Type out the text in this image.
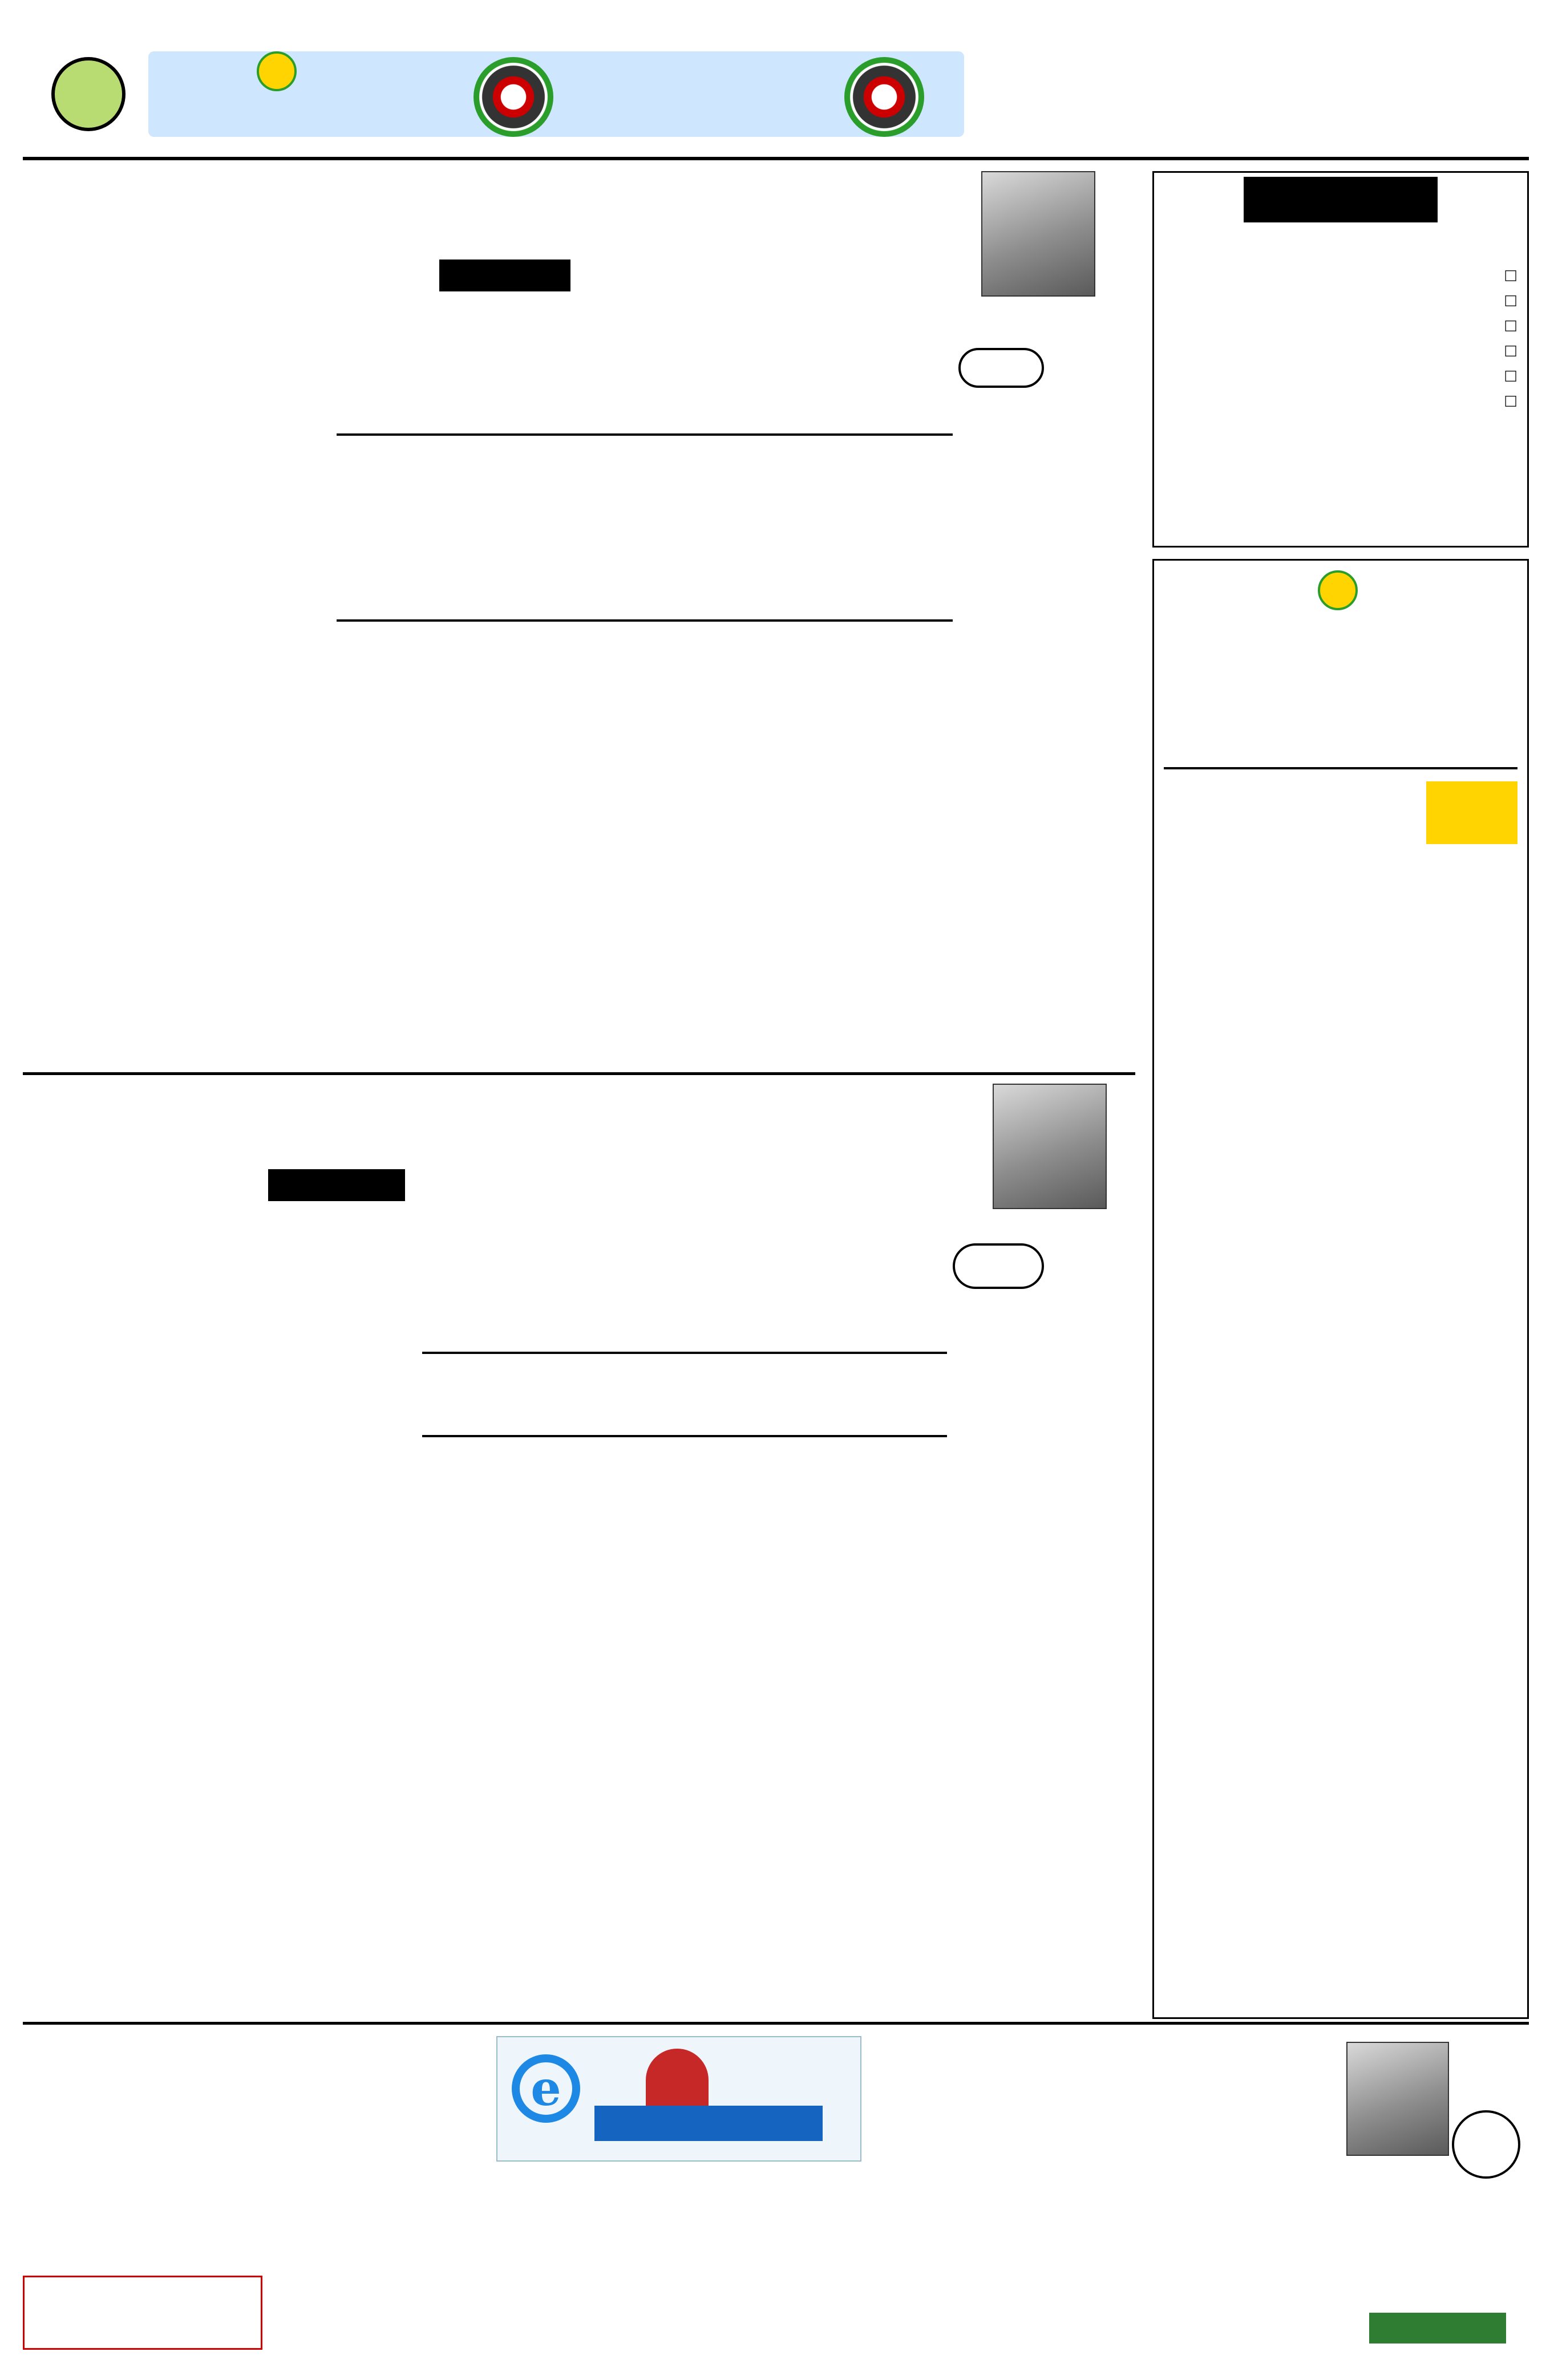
□
□
□
□
□
□
e
